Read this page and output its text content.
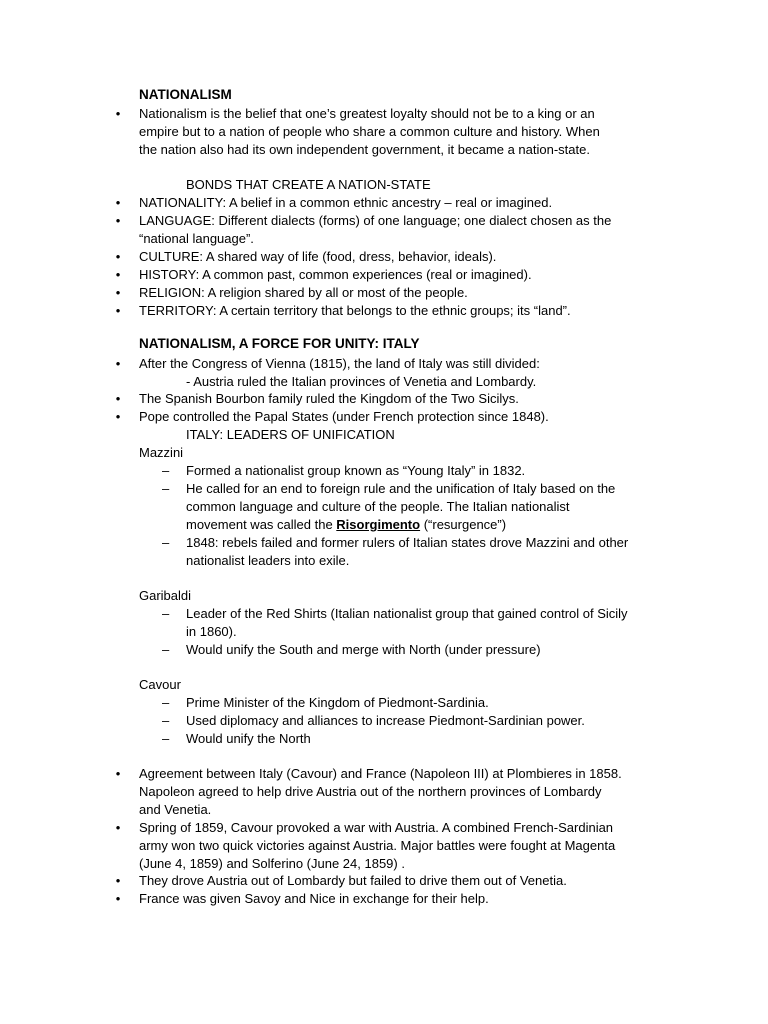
NATIONALISM
• Nationalism is the belief that one’s greatest loyalty should not be to a king or an
empire but to a nation of people who share a common culture and history. When
the nation also had its own independent government, it became a nation-state.
BONDS THAT CREATE A NATION-STATE
• NATIONALITY: A belief in a common ethnic ancestry – real or imagined.
• LANGUAGE: Different dialects (forms) of one language; one dialect chosen as the
“national language”.
• CULTURE: A shared way of life (food, dress, behavior, ideals).
• HISTORY: A common past, common experiences (real or imagined).
• RELIGION: A religion shared by all or most of the people.
• TERRITORY: A certain territory that belongs to the ethnic groups; its “land”.
NATIONALISM, A FORCE FOR UNITY: ITALY
• After the Congress of Vienna (1815), the land of Italy was still divided:
- Austria ruled the Italian provinces of Venetia and Lombardy.
• The Spanish Bourbon family ruled the Kingdom of the Two Sicilys.
• Pope controlled the Papal States (under French protection since 1848).
ITALY: LEADERS OF UNIFICATION
Mazzini
– Formed a nationalist group known as “Young Italy” in 1832.
– He called for an end to foreign rule and the unification of Italy based on the
common language and culture of the people. The Italian nationalist
movement was called the Risorgimento (“resurgence”)
– 1848: rebels failed and former rulers of Italian states drove Mazzini and other
nationalist leaders into exile.
Garibaldi
– Leader of the Red Shirts (Italian nationalist group that gained control of Sicily
in 1860).
– Would unify the South and merge with North (under pressure)
Cavour
– Prime Minister of the Kingdom of Piedmont-Sardinia.
– Used diplomacy and alliances to increase Piedmont-Sardinian power.
– Would unify the North
• Agreement between Italy (Cavour) and France (Napoleon III) at Plombieres in 1858.
Napoleon agreed to help drive Austria out of the northern provinces of Lombardy
and Venetia.
• Spring of 1859, Cavour provoked a war with Austria. A combined French-Sardinian
army won two quick victories against Austria. Major battles were fought at Magenta
(June 4, 1859) and Solferino (June 24, 1859) .
• They drove Austria out of Lombardy but failed to drive them out of Venetia.
• France was given Savoy and Nice in exchange for their help.
